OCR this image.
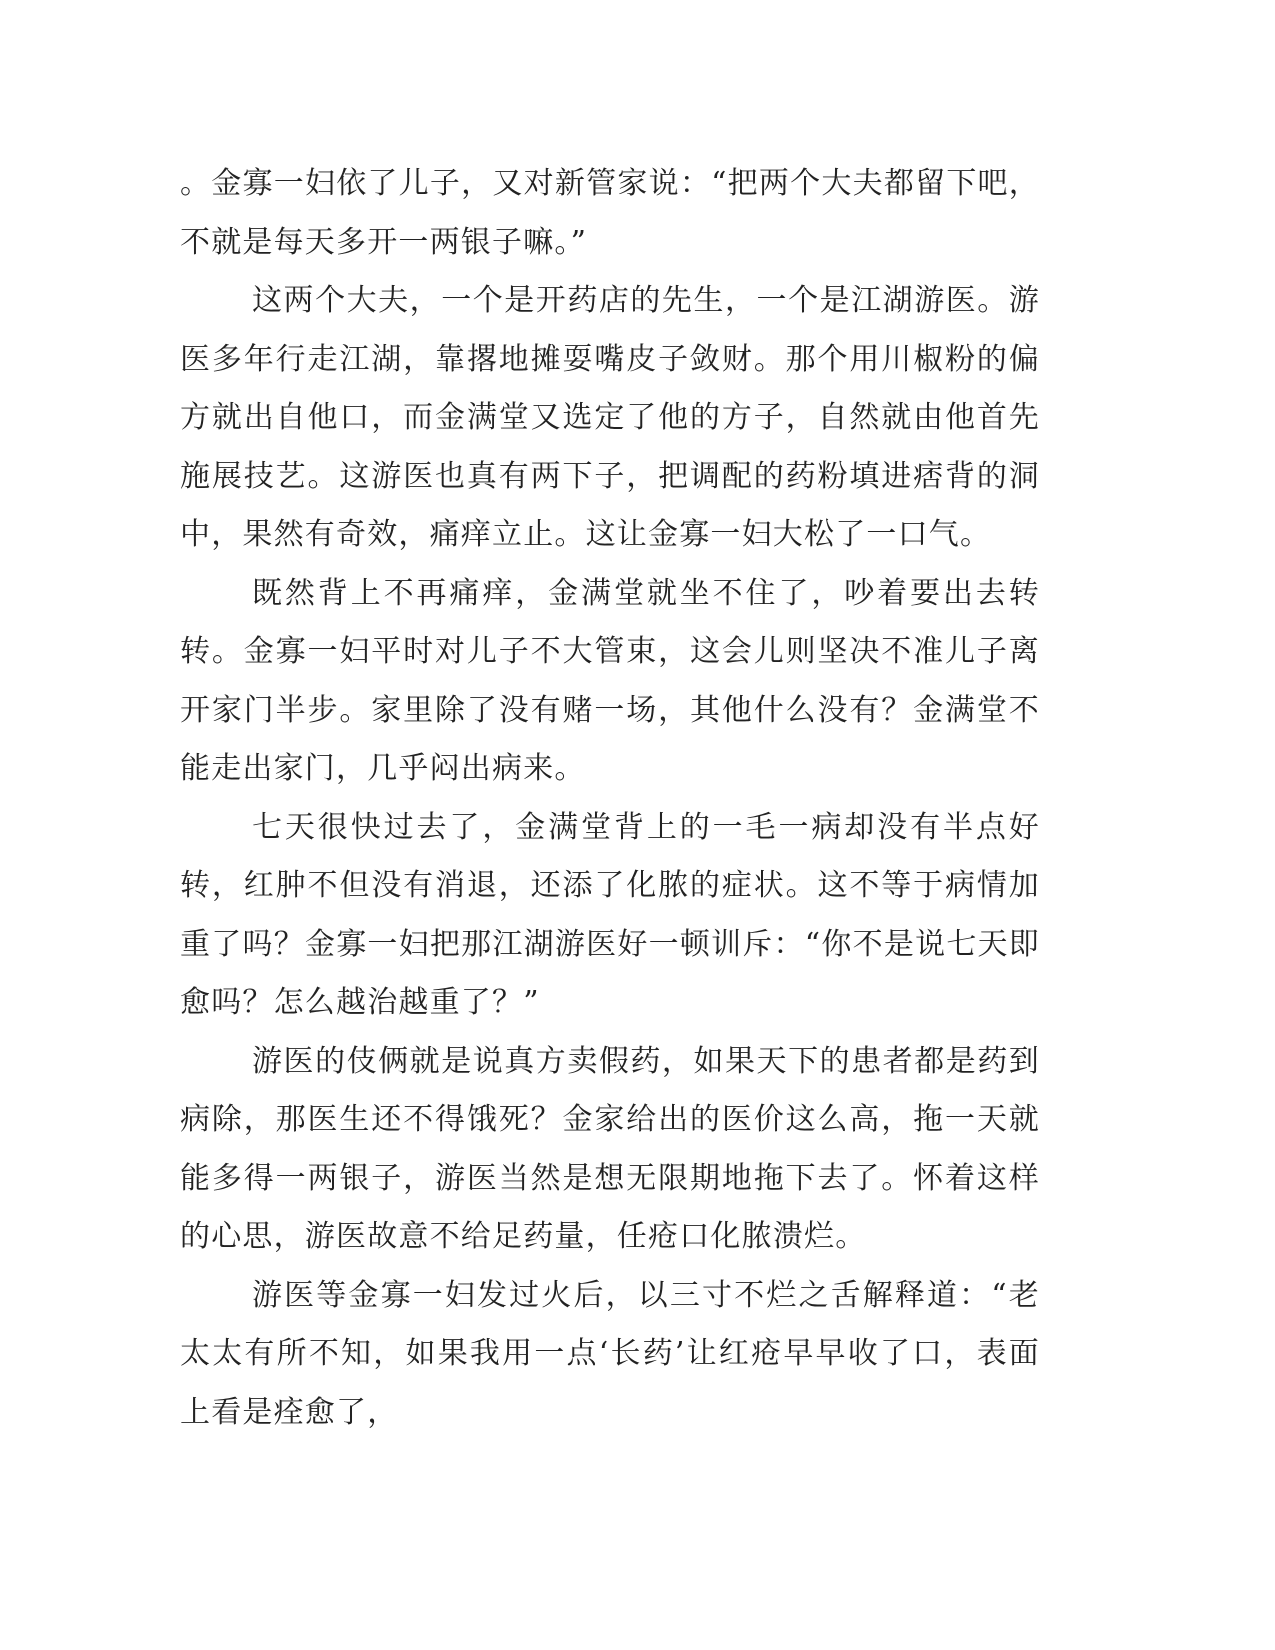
。金寡一妇依了儿子，又对新管家说：“把两个大夫都留下吧，不就是每天多开一两银子嘛。”

这两个大夫，一个是开药店的先生，一个是江湖游医。游医多年行走江湖，靠撂地摊耍嘴皮子敛财。那个用川椒粉的偏方就出自他口，而金满堂又选定了他的方子，自然就由他首先施展技艺。这游医也真有两下子，把调配的药粉填进痞背的洞中，果然有奇效，痛痒立止。这让金寡一妇大松了一口气。

既然背上不再痛痒，金满堂就坐不住了，吵着要出去转转。金寡一妇平时对儿子不大管束，这会儿则坚决不准儿子离开家门半步。家里除了没有赌一场，其他什么没有？金满堂不能走出家门，几乎闷出病来。

七天很快过去了，金满堂背上的一毛一病却没有半点好转，红肿不但没有消退，还添了化脓的症状。这不等于病情加重了吗？金寡一妇把那江湖游医好一顿训斥：“你不是说七天即愈吗？怎么越治越重了？”

游医的伎俩就是说真方卖假药，如果天下的患者都是药到病除，那医生还不得饿死？金家给出的医价这么高，拖一天就能多得一两银子，游医当然是想无限期地拖下去了。怀着这样的心思，游医故意不给足药量，任疮口化脓溃烂。

游医等金寡一妇发过火后，以三寸不烂之舌解释道：“老太太有所不知，如果我用一点‘长药’让红疮早早收了口，表面上看是痊愈了，
